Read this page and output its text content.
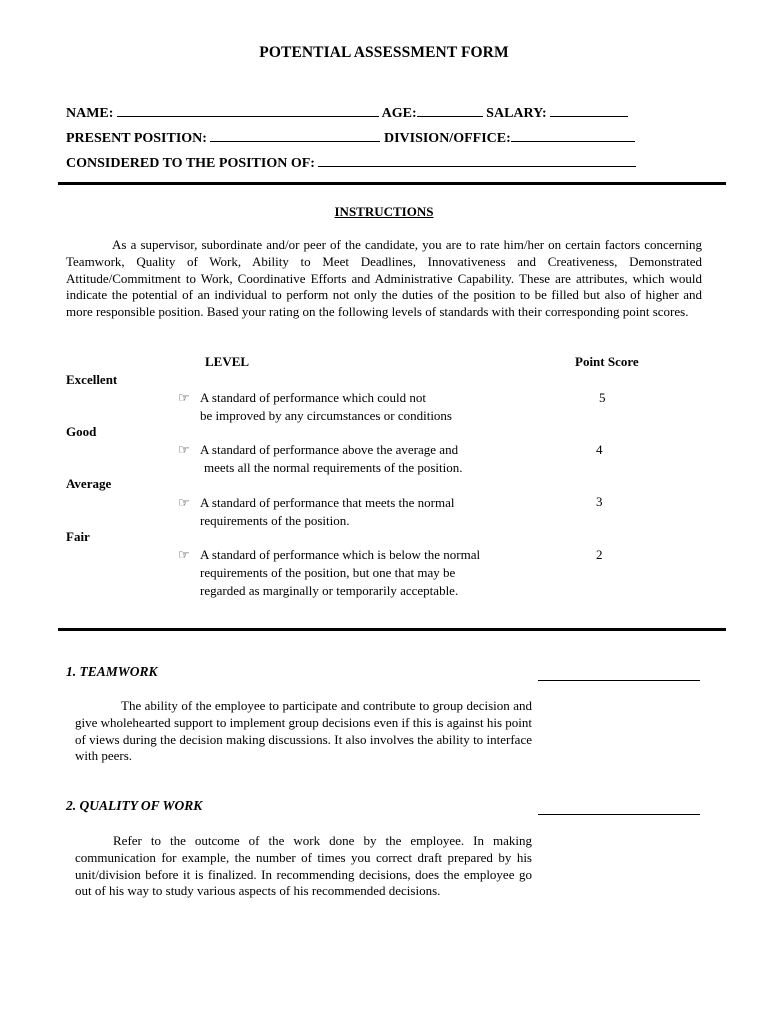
POTENTIAL ASSESSMENT FORM
NAME:	AGE:	SALARY:
PRESENT POSITION:	DIVISION/OFFICE:
CONSIDERED TO THE POSITION OF:
INSTRUCTIONS
As a supervisor, subordinate and/or peer of the candidate, you are to rate him/her on certain factors concerning Teamwork, Quality of Work, Ability to Meet Deadlines, Innovativeness and Creativeness, Demonstrated Attitude/Commitment to Work, Coordinative Efforts and Administrative Capability. These are attributes, which would indicate the potential of an individual to perform not only the duties of the position to be filled but also of higher and more responsible position. Based your rating on the following levels of standards with their corresponding point scores.
LEVEL	Point Score
Excellent
☞ A standard of performance which could not
be improved by any circumstances or conditions
5
Good
☞ A standard of performance above the average and
meets all the normal requirements of the position.
4
Average
☞ A standard of performance that meets the normal
requirements of the position.
3
Fair
☞ A standard of performance which is below the normal
requirements of the position, but one that may be
regarded as marginally or temporarily acceptable.
2
1. TEAMWORK
The ability of the employee to participate and contribute to group decision and give wholehearted support to implement group decisions even if this is against his point of views during the decision making discussions. It also involves the ability to interface with peers.
2. QUALITY OF WORK
Refer to the outcome of the work done by the employee. In making communication for example, the number of times you correct draft prepared by his unit/division before it is finalized. In recommending decisions, does the employee go out of his way to study various aspects of his recommended decisions.
